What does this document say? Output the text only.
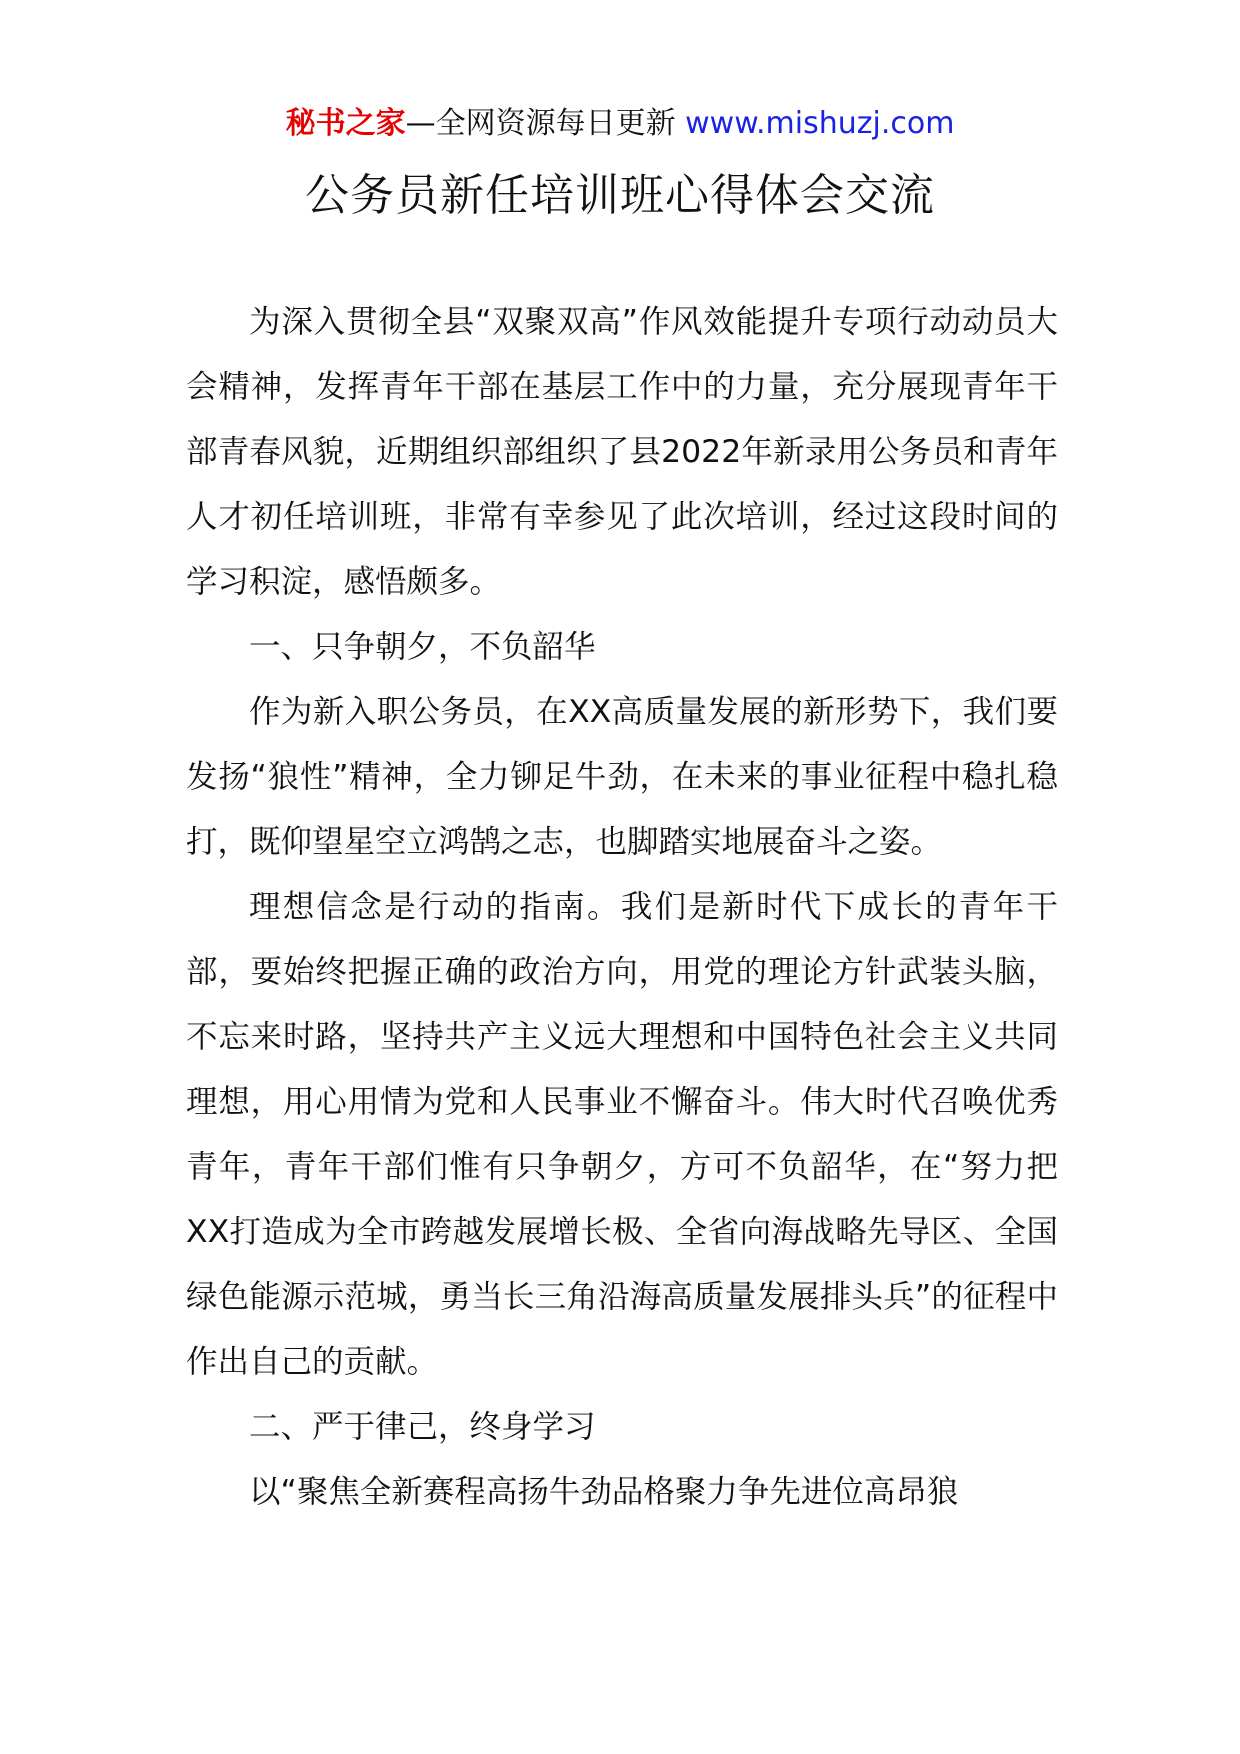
秘书之家—全网资源每日更新 www.mishuzj.com
公务员新任培训班心得体会交流

为深入贯彻全县“双聚双高”作风效能提升专项行动动员大会精神，发挥青年干部在基层工作中的力量，充分展现青年干部青春风貌，近期组织部组织了县2022年新录用公务员和青年人才初任培训班，非常有幸参见了此次培训，经过这段时间的学习积淀，感悟颇多。

一、只争朝夕，不负韶华

作为新入职公务员，在XX高质量发展的新形势下，我们要发扬“狼性”精神，全力铆足牛劲，在未来的事业征程中稳扎稳打，既仰望星空立鸿鹄之志，也脚踏实地展奋斗之姿。

理想信念是行动的指南。我们是新时代下成长的青年干部，要始终把握正确的政治方向，用党的理论方针武装头脑，不忘来时路，坚持共产主义远大理想和中国特色社会主义共同理想，用心用情为党和人民事业不懈奋斗。伟大时代召唤优秀青年，青年干部们惟有只争朝夕，方可不负韶华，在“努力把XX打造成为全市跨越发展增长极、全省向海战略先导区、全国绿色能源示范城，勇当长三角沿海高质量发展排头兵”的征程中作出自己的贡献。

二、严于律己，终身学习

以“聚焦全新赛程高扬牛劲品格聚力争先进位高昂狼
